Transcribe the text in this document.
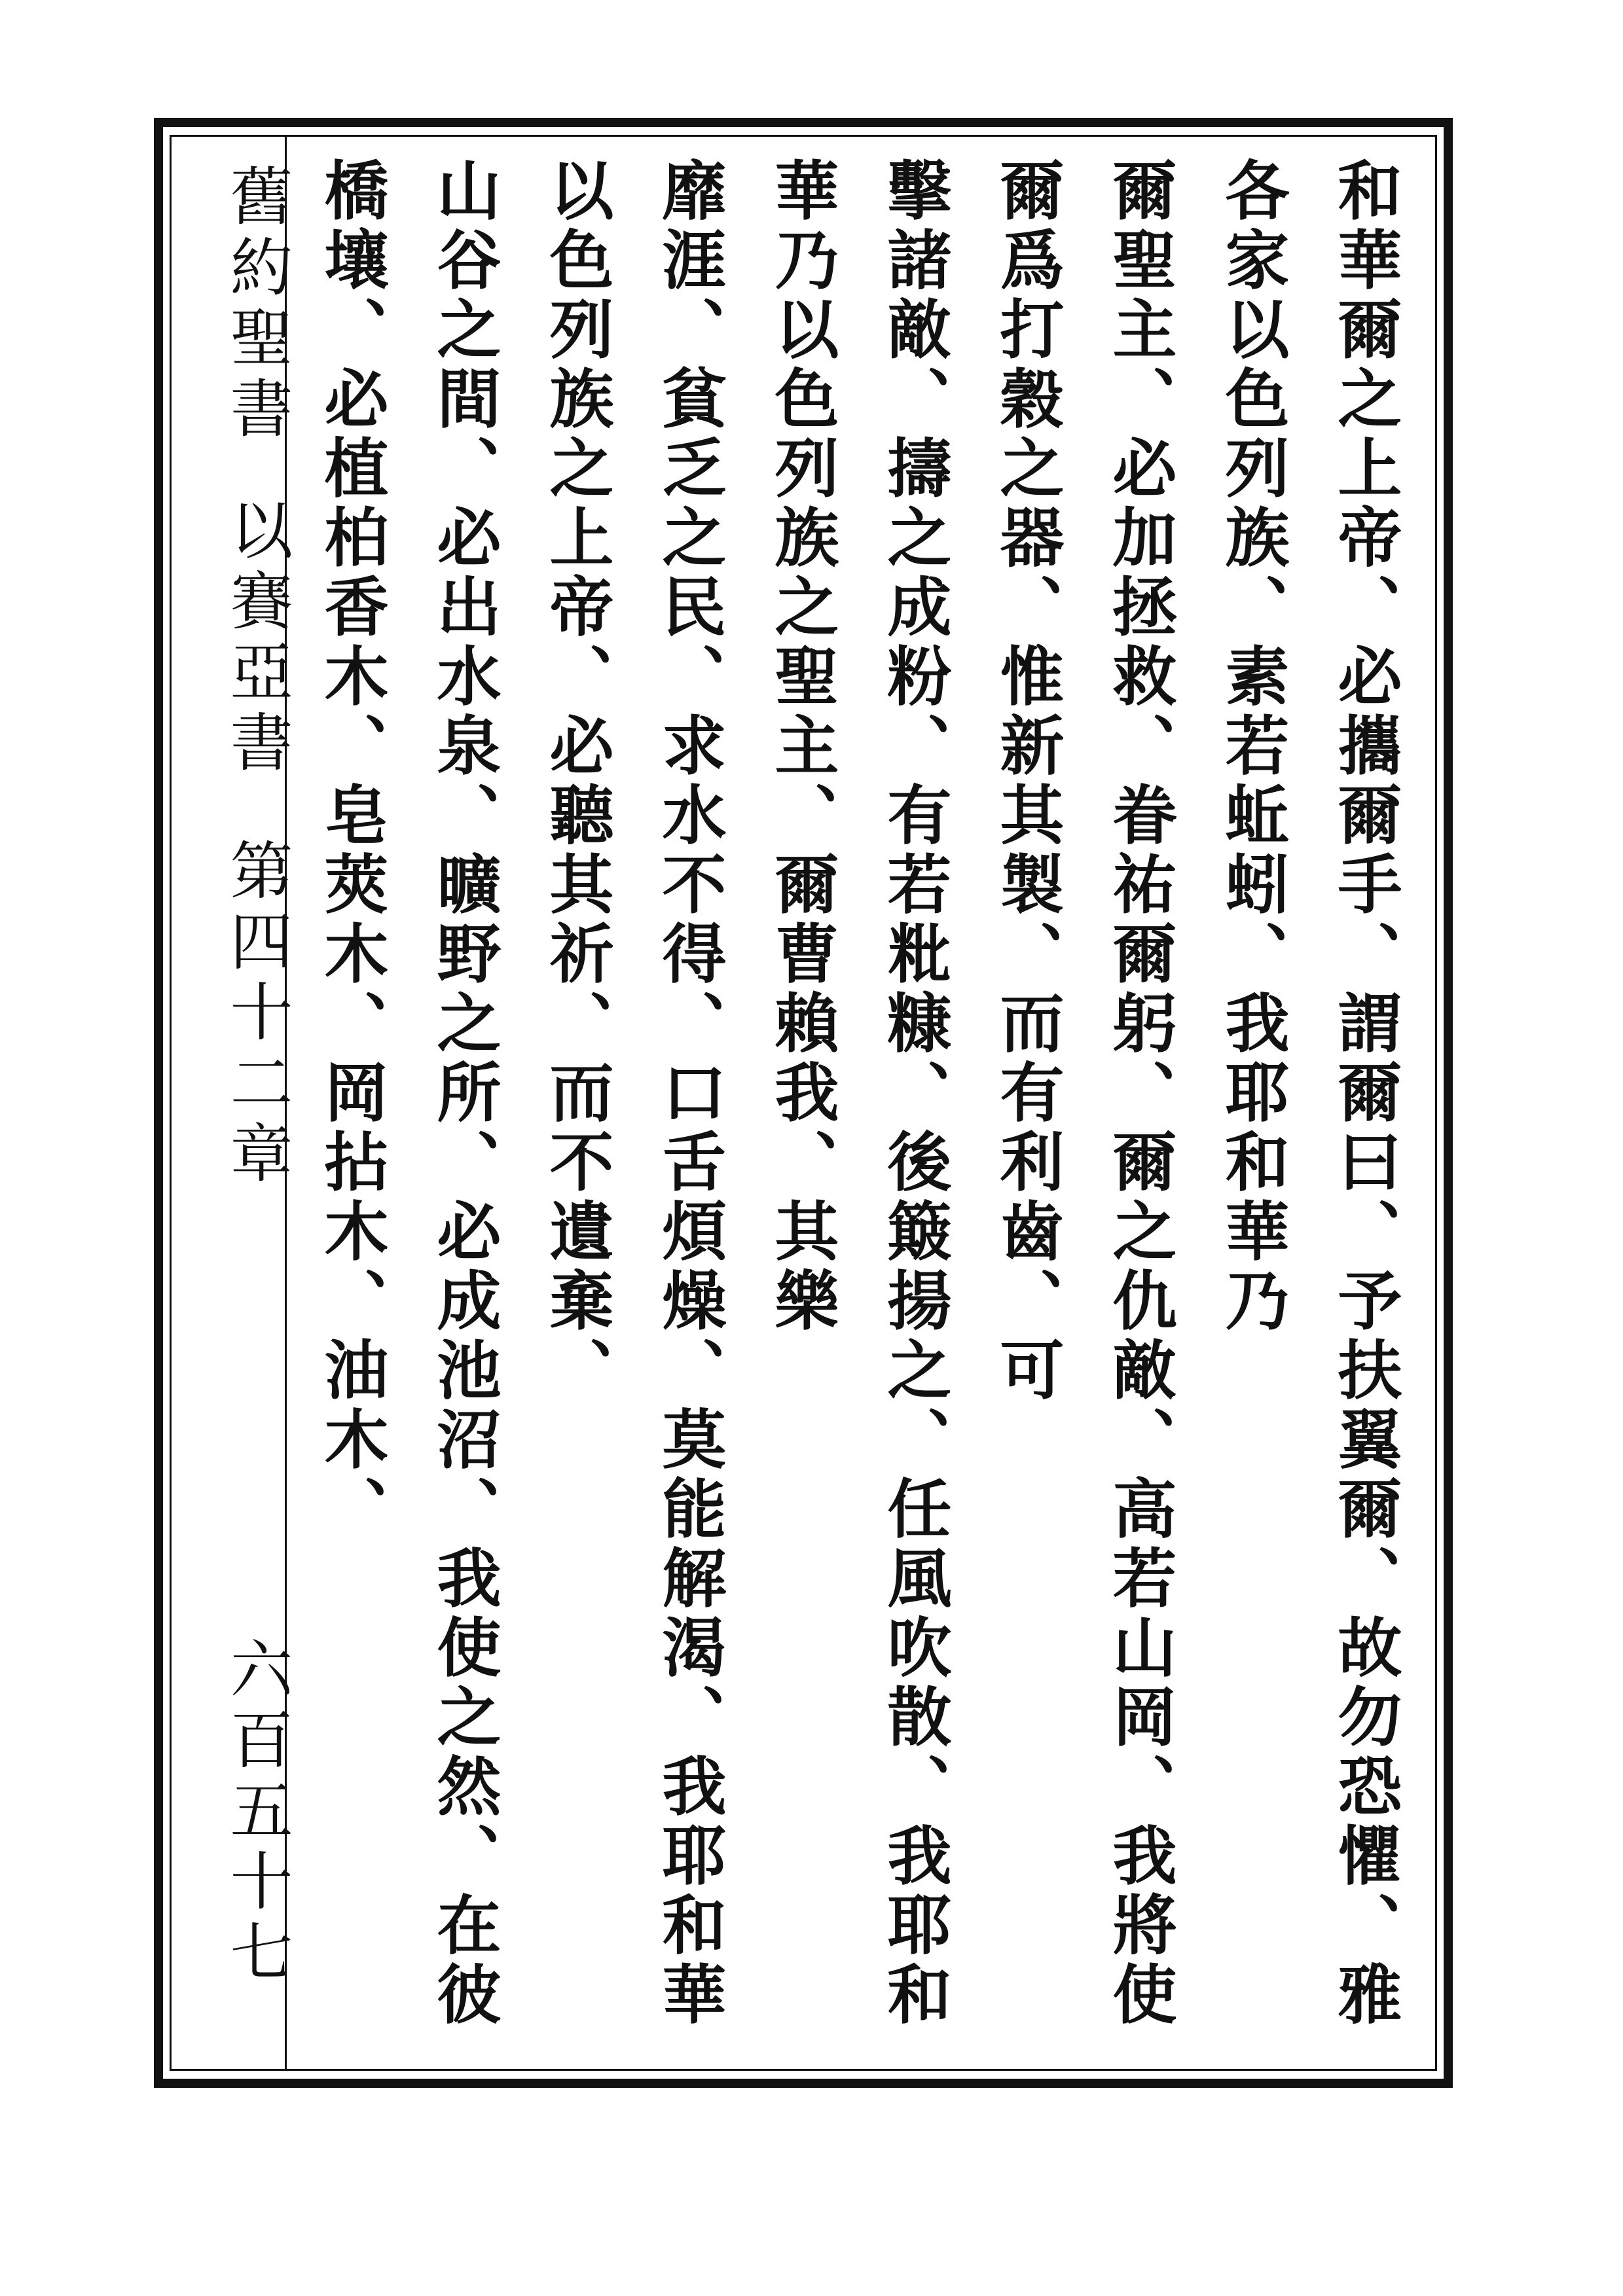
舊約聖書
以賽亞書
第四十二章
六百五十七	和華爾之上帝、必攜爾手、謂爾曰、予扶翼爾、故勿恐懼、雅各家以色列族、素若蚯蚓、我耶和華乃
爾聖主、必加拯救、眷祐爾躬、爾之仇敵、高若山岡、我將使爾爲打穀之器、惟新其製、而有利齒、可
擊諸敵、擣之成粉、有若粃糠、後簸揚之、任風吹散、我耶和華乃以色列族之聖主、爾曹賴我、其樂
靡涯、貧乏之民、求水不得、口舌煩燥、莫能解渴、我耶和華以色列族之上帝、必聽其祈、而不遺棄、
山谷之間、必出水泉、曠野之所、必成池沼、我使之然、在彼橋壤、必植柏香木、皂莢木、岡拈木、油木、
